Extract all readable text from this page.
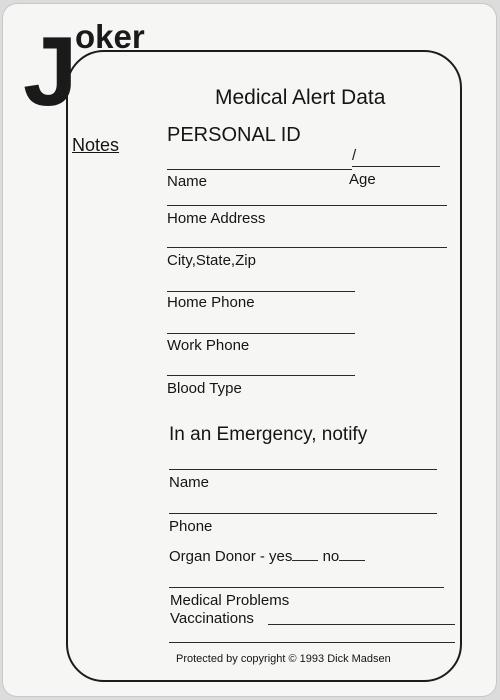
J oker
Medical Alert Data
Notes PERSONAL ID
/
Name	Age
Home Address
City,State,Zip
Home Phone
Work Phone
Blood Type
In an Emergency, notify
Name
Phone
Organ Donor - yes no
Medical Problems
Vaccinations
Protected by copyright © 1993 Dick Madsen
